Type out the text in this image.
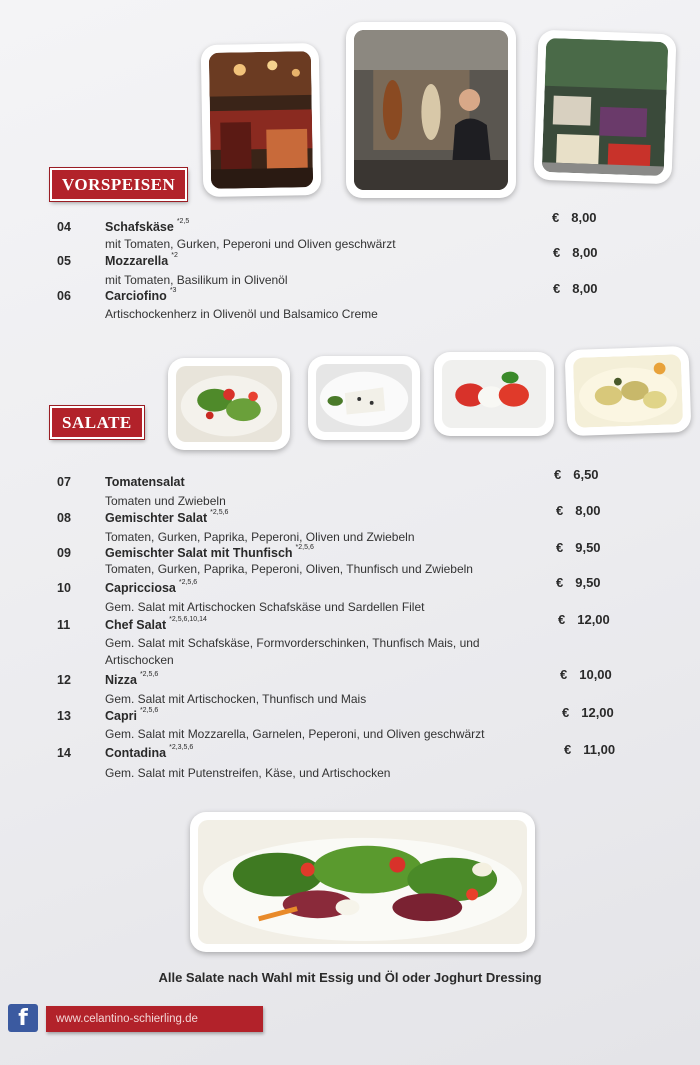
VORSPEISEN
04	Schafskäse $^{*2,5}$
mit Tomaten, Gurken, Peperoni und Oliven geschwärzt
€ 8,00
05	Mozzarella $^{*2}$
mit Tomaten, Basilikum in Olivenöl
€ 8,00
06	Carciofino $^{*3}$
Artischockenherz in Olivenöl und Balsamico Creme
€ 8,00
SALATE
07	Tomatensalat
Tomaten und Zwiebeln
€ 6,50
08	Gemischter Salat $^{*2,5,6}$
Tomaten, Gurken, Paprika, Peperoni, Oliven und Zwiebeln
€ 8,00
09	Gemischter Salat mit Thunfisch $^{*2,5,6}$
Tomaten, Gurken, Paprika, Peperoni, Oliven, Thunfisch und Zwiebeln
€ 9,50
10	Capricciosa $^{*2,5,6}$
Gem. Salat mit Artischocken Schafskäse und Sardellen Filet
€ 9,50
11	Chef Salat $^{*2,5,6,10,14}$
Gem. Salat mit Schafskäse, Formvorderschinken, Thunfisch Mais, und Artischocken
€ 12,00
12	Nizza $^{*2,5,6}$
Gem. Salat mit Artischocken, Thunfisch und Mais
€ 10,00
13	Capri $^{*2,5,6}$
Gem. Salat mit Mozzarella, Garnelen, Peperoni, und Oliven geschwärzt
€ 12,00
14	Contadina $^{*2,3,5,6}$
Gem. Salat mit Putenstreifen, Käse, und Artischocken
€ 11,00
Alle Salate nach Wahl mit Essig und Öl oder Joghurt Dressing
f	www.celantino-schierling.de
